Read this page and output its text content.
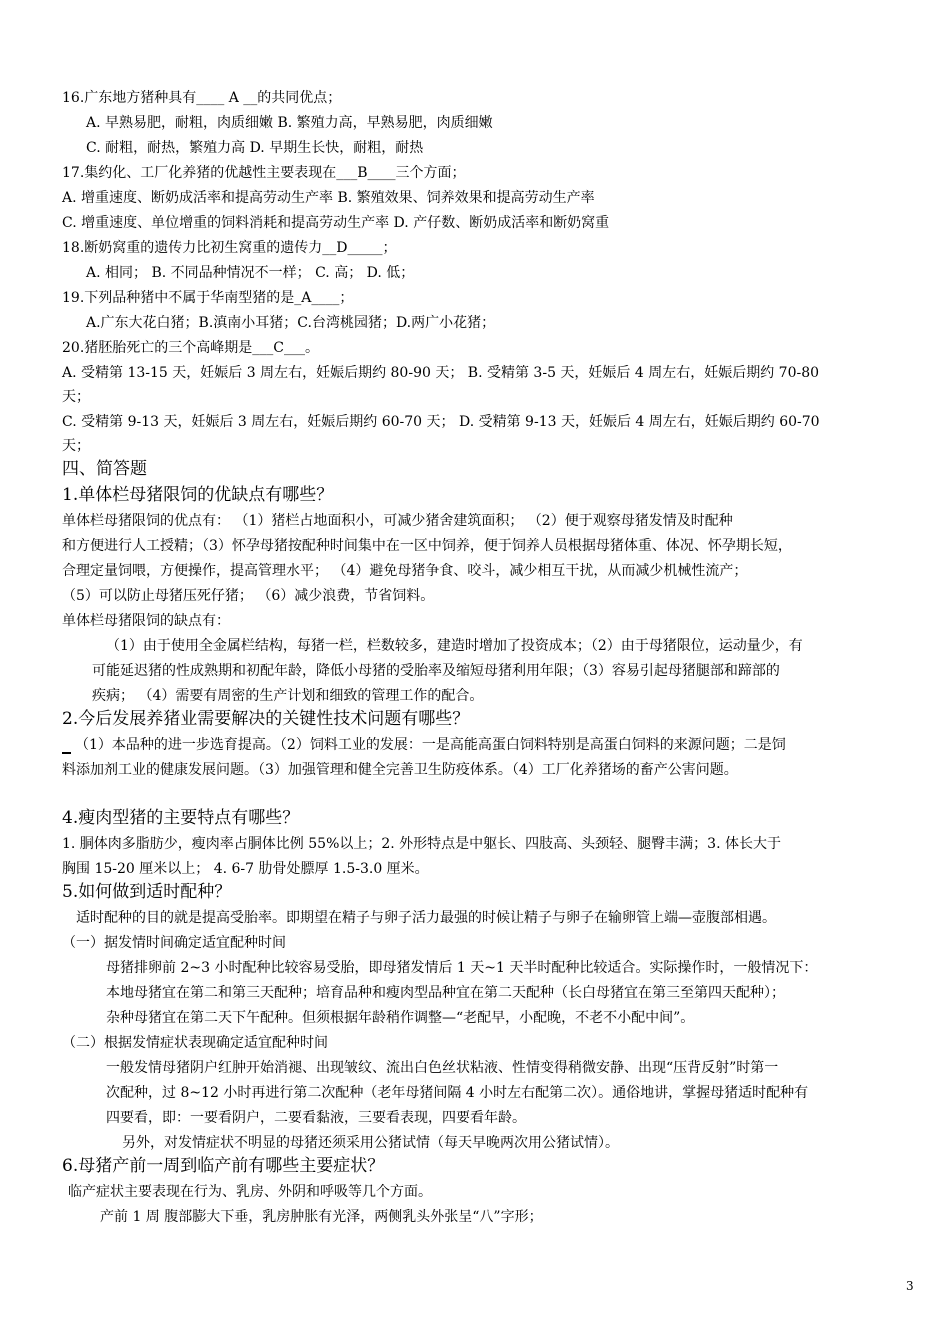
16.广东地方猪种具有____ A __的共同优点；
A. 早熟易肥，耐粗，肉质细嫩 B. 繁殖力高，早熟易肥，肉质细嫩
C. 耐粗，耐热，繁殖力高 D. 早期生长快，耐粗，耐热
17.集约化、工厂化养猪的优越性主要表现在___B____三个方面；
A. 增重速度、断奶成活率和提高劳动生产率 B. 繁殖效果、饲养效果和提高劳动生产率
C. 增重速度、单位增重的饲料消耗和提高劳动生产率 D. 产仔数、断奶成活率和断奶窝重
18.断奶窝重的遗传力比初生窝重的遗传力__D_____；
A. 相同； B. 不同品种情况不一样； C. 高； D. 低；
19.下列品种猪中不属于华南型猪的是_A____；
A.广东大花白猪；B.滇南小耳猪；C.台湾桃园猪；D.两广小花猪；
20.猪胚胎死亡的三个高峰期是___C___。
A. 受精第 13-15 天，妊娠后 3 周左右，妊娠后期约 80-90 天； B. 受精第 3-5 天，妊娠后 4 周左右，妊娠后期约 70-80
天；
C. 受精第 9-13 天，妊娠后 3 周左右，妊娠后期约 60-70 天； D. 受精第 9-13 天，妊娠后 4 周左右，妊娠后期约 60-70
天；
四、简答题
1.单体栏母猪限饲的优缺点有哪些？
单体栏母猪限饲的优点有： （1）猪栏占地面积小，可减少猪舍建筑面积； （2）便于观察母猪发情及时配种
和方便进行人工授精；（3）怀孕母猪按配种时间集中在一区中饲养，便于饲养人员根据母猪体重、体况、怀孕期长短，
合理定量饲喂，方便操作，提高管理水平； （4）避免母猪争食、咬斗，减少相互干扰，从而减少机械性流产；
（5）可以防止母猪压死仔猪； （6）减少浪费，节省饲料。
单体栏母猪限饲的缺点有：
（1）由于使用全金属栏结构，每猪一栏，栏数较多，建造时增加了投资成本；（2）由于母猪限位，运动量少，有
可能延迟猪的性成熟期和初配年龄，降低小母猪的受胎率及缩短母猪利用年限；（3）容易引起母猪腿部和蹄部的
疾病； （4）需要有周密的生产计划和细致的管理工作的配合。
2.今后发展养猪业需要解决的关键性技术问题有哪些？
（1）本品种的进一步选育提高。（2）饲料工业的发展：一是高能高蛋白饲料特别是高蛋白饲料的来源问题；二是饲
料添加剂工业的健康发展问题。（3）加强管理和健全完善卫生防疫体系。（4）工厂化养猪场的畜产公害问题。
4.瘦肉型猪的主要特点有哪些？
1. 胴体肉多脂肪少，瘦肉率占胴体比例 55%以上；2. 外形特点是中躯长、四肢高、头颈轻、腿臀丰满；3. 体长大于
胸围 15-20 厘米以上； 4. 6-7 肋骨处膘厚 1.5-3.0 厘米。
5.如何做到适时配种？
适时配种的目的就是提高受胎率。即期望在精子与卵子活力最强的时候让精子与卵子在输卵管上端—壶腹部相遇。
（一）据发情时间确定适宜配种时间
母猪排卵前 2~3 小时配种比较容易受胎，即母猪发情后 1 天~1 天半时配种比较适合。实际操作时，一般情况下：
本地母猪宜在第二和第三天配种；培育品种和瘦肉型品种宜在第二天配种（长白母猪宜在第三至第四天配种）；
杂种母猪宜在第二天下午配种。但须根据年龄稍作调整—“老配早，小配晚，不老不小配中间”。
（二）根据发情症状表现确定适宜配种时间
一般发情母猪阴户红肿开始消褪、出现皱纹、流出白色丝状粘液、性情变得稍微安静、出现“压背反射”时第一
次配种，过 8~12 小时再进行第二次配种（老年母猪间隔 4 小时左右配第二次）。通俗地讲，掌握母猪适时配种有
四要看，即：一要看阴户，二要看黏液，三要看表现，四要看年龄。
另外，对发情症状不明显的母猪还须采用公猪试情（每天早晚两次用公猪试情）。
6.母猪产前一周到临产前有哪些主要症状？
临产症状主要表现在行为、乳房、外阴和呼吸等几个方面。
产前 1 周 腹部膨大下垂，乳房肿胀有光泽，两侧乳头外张呈“八”字形；
3
